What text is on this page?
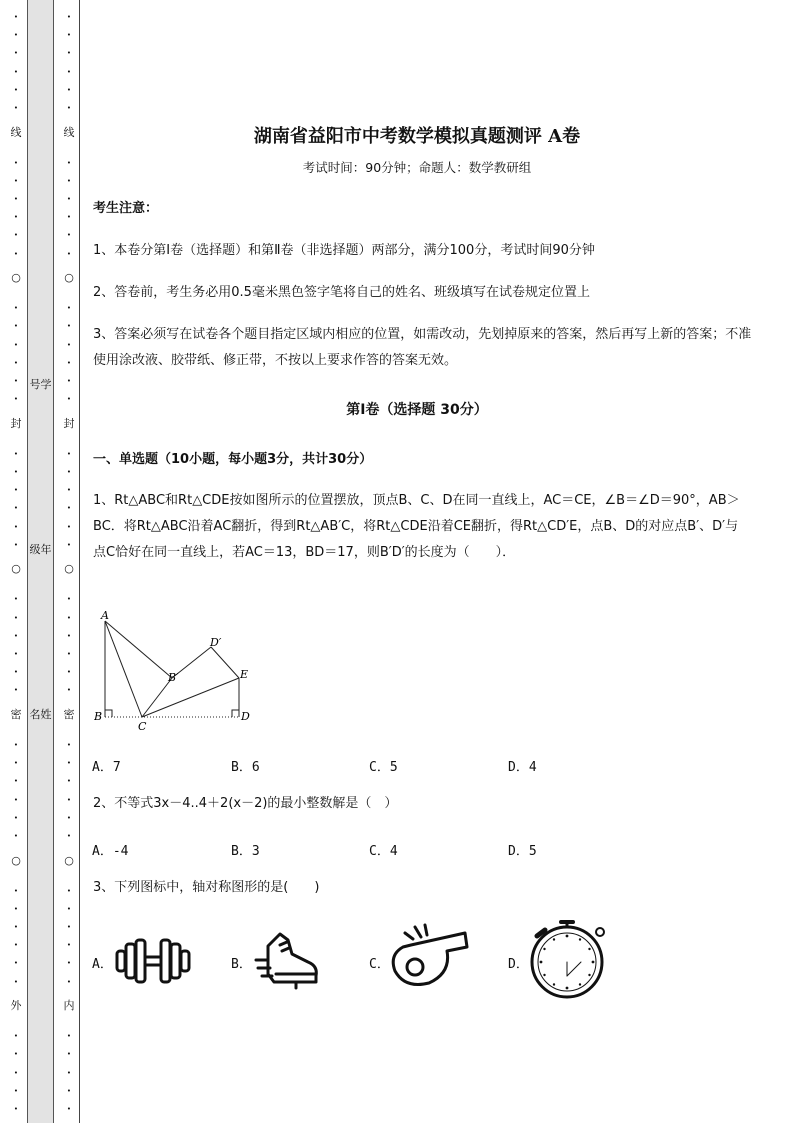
•
•
•
•
•
•
•
•
•
•
•
•
•
•
•
•
•
•
•
•
•
•
•
•
•
•
•
•
•
•
•
•
•
•
•
•
•
•
•
•
•
•
•
•
•
•
•
线
○
封
○
密
○
外
号学
级年
名姓
•
•
•
•
•
•
•
•
•
•
•
•
•
•
•
•
•
•
•
•
•
•
•
•
•
•
•
•
•
•
•
•
•
•
•
•
•
•
•
•
•
•
•
•
•
•
•
线
○
封
○
密
○
内
湖南省益阳市中考数学模拟真题测评 A卷
考试时间：90分钟；命题人：数学教研组
考生注意：
1、本卷分第I卷（选择题）和第Ⅱ卷（非选择题）两部分，满分100分，考试时间90分钟
2、答卷前，考生务必用0.5毫米黑色签字笔将自己的姓名、班级填写在试卷规定位置上
3、答案必须写在试卷各个题目指定区域内相应的位置，如需改动，先划掉原来的答案，然后再写上新的答案；不准使用涂改液、胶带纸、修正带，不按以上要求作答的答案无效。
第I卷（选择题 30分）
一、单选题（10小题，每小题3分，共计30分）
1、Rt△ABC和Rt△CDE按如图所示的位置摆放，顶点B、C、D在同一直线上，AC＝CE，∠B＝∠D＝90°，AB＞BC．将Rt△ABC沿着AC翻折，得到Rt△AB′C，将Rt△CDE沿着CE翻折，得Rt△CD′E，点B、D的对应点B′、D′与点C恰好在同一直线上，若AC＝13，BD＝17，则B′D′的长度为（　　）．
A
B′
D′
E
B
C
D
A．7	B．6	C．5	D．4
2、不等式3x－4..4＋2(x－2)的最小整数解是（　）
A．-4	B．3	C．4	D．5
3、下列图标中，轴对称图形的是(　　)
A．	B．	C．	D．
